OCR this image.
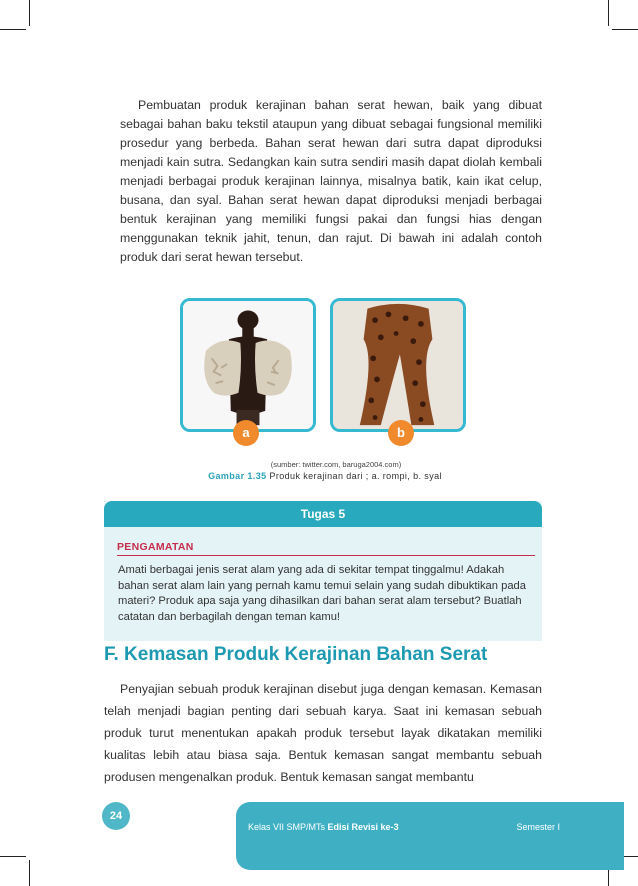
Pembuatan produk kerajinan bahan serat hewan, baik yang dibuat sebagai bahan baku tekstil ataupun yang dibuat sebagai fungsional memiliki prosedur yang berbeda. Bahan serat hewan dari sutra dapat diproduksi menjadi kain sutra. Sedangkan kain sutra sendiri masih dapat diolah kembali menjadi berbagai produk kerajinan lainnya, misalnya batik, kain ikat celup, busana, dan syal. Bahan serat hewan dapat diproduksi menjadi berbagai bentuk kerajinan yang memiliki fungsi pakai dan fungsi hias dengan menggunakan teknik jahit, tenun, dan rajut. Di bawah ini adalah contoh produk dari serat hewan tersebut.
a	b
(sumber: twitter.com, baruga2004.com)
Gambar 1.35 Produk kerajinan dari ; a. rompi, b. syal
Tugas 5
PENGAMATAN
Amati berbagai jenis serat alam yang ada di sekitar tempat tinggalmu! Adakah bahan serat alam lain yang pernah kamu temui selain yang sudah dibuktikan pada materi? Produk apa saja yang dihasilkan dari bahan serat alam tersebut? Buatlah catatan dan berbagilah dengan teman kamu!
F. Kemasan Produk Kerajinan Bahan Serat
Penyajian sebuah produk kerajinan disebut juga dengan kemasan. Kemasan telah menjadi bagian penting dari sebuah karya. Saat ini kemasan sebuah produk turut menentukan apakah produk tersebut layak dikatakan memiliki kualitas lebih atau biasa saja. Bentuk kemasan sangat membantu sebuah produsen mengenalkan produk. Bentuk kemasan sangat membantu
24
Kelas VII SMP/MTs Edisi Revisi ke-3	Semester I
